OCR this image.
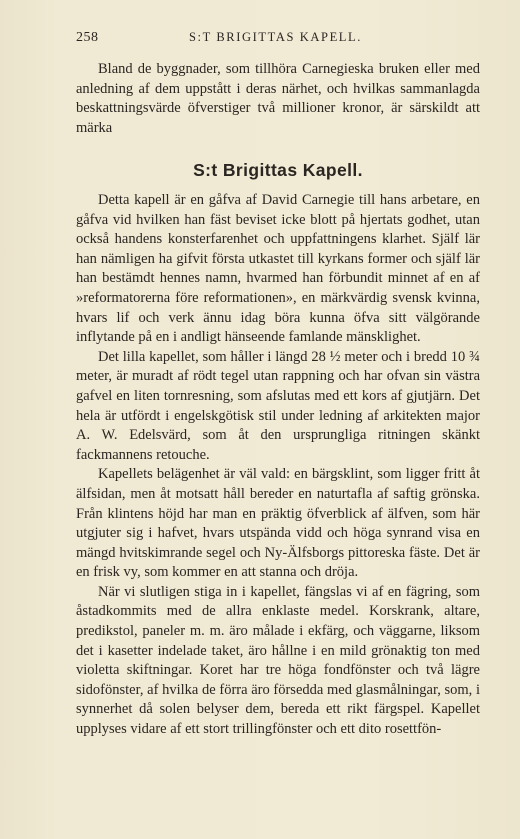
258	S:T BRIGITTAS KAPELL.
Bland de byggnader, som tillhöra Carnegieska bruken eller med anledning af dem uppstått i deras närhet, och hvilkas sammanlagda beskattningsvärde öfverstiger två millioner kronor, är särskildt att märka
S:t Brigittas Kapell.

Detta kapell är en gåfva af David Carnegie till hans arbetare, en gåfva vid hvilken han fäst beviset icke blott på hjertats godhet, utan också handens konsterfarenhet och uppfattningens klarhet. Själf lär han nämligen ha gifvit första utkastet till kyrkans former och själf lär han bestämdt hennes namn, hvarmed han förbundit minnet af en af »reformatorerna före reformationen», en märkvärdig svensk kvinna, hvars lif och verk ännu idag böra kunna öfva sitt välgörande inflytande på en i andligt hänseende famlande mänsklighet.

Det lilla kapellet, som håller i längd 28 ½ meter och i bredd 10 ¾ meter, är muradt af rödt tegel utan rappning och har ofvan sin västra gafvel en liten tornresning, som afslutas med ett kors af gjutjärn. Det hela är utfördt i engelskgötisk stil under ledning af arkitekten major A. W. Edelsvärd, som åt den ursprungliga ritningen skänkt fackmannens retouche.

Kapellets belägenhet är väl vald: en bärgsklint, som ligger fritt åt älfsidan, men åt motsatt håll bereder en naturtafla af saftig grönska. Från klintens höjd har man en präktig öfverblick af älfven, som här utgjuter sig i hafvet, hvars utspända vidd och höga synrand visa en mängd hvitskimrande segel och Ny-Älfsborgs pittoreska fäste. Det är en frisk vy, som kommer en att stanna och dröja.

När vi slutligen stiga in i kapellet, fängslas vi af en fägring, som åstadkommits med de allra enklaste medel. Korskrank, altare, predikstol, paneler m. m. äro målade i ekfärg, och väggarne, liksom det i kasetter indelade taket, äro hållne i en mild grönaktig ton med violetta skiftningar. Koret har tre höga fondfönster och två lägre sidofönster, af hvilka de förra äro försedda med glasmålningar, som, i synnerhet då solen belyser dem, bereda ett rikt färgspel. Kapellet upplyses vidare af ett stort trillingfönster och ett dito rosettfön-
